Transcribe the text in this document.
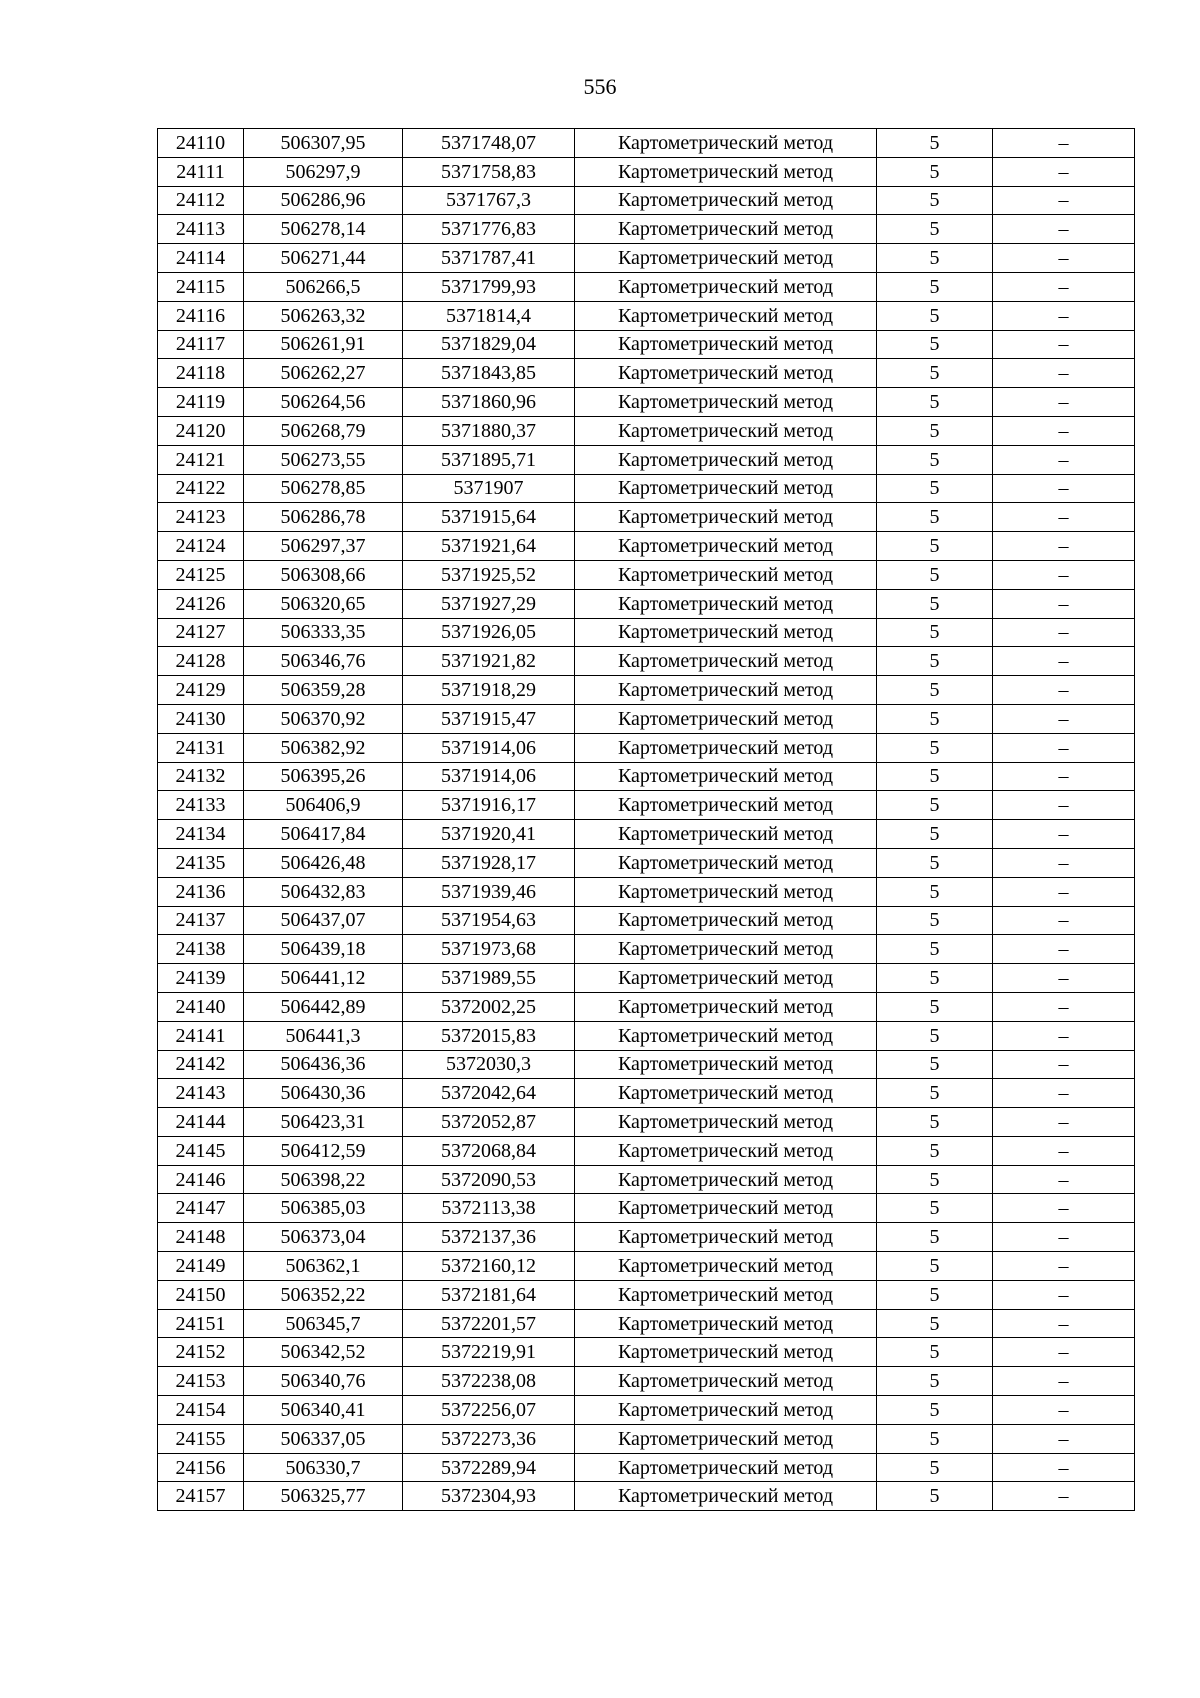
556
24110	506307,95	5371748,07	Картометрический метод	5	–
24111	506297,9	5371758,83	Картометрический метод	5	–
24112	506286,96	5371767,3	Картометрический метод	5	–
24113	506278,14	5371776,83	Картометрический метод	5	–
24114	506271,44	5371787,41	Картометрический метод	5	–
24115	506266,5	5371799,93	Картометрический метод	5	–
24116	506263,32	5371814,4	Картометрический метод	5	–
24117	506261,91	5371829,04	Картометрический метод	5	–
24118	506262,27	5371843,85	Картометрический метод	5	–
24119	506264,56	5371860,96	Картометрический метод	5	–
24120	506268,79	5371880,37	Картометрический метод	5	–
24121	506273,55	5371895,71	Картометрический метод	5	–
24122	506278,85	5371907	Картометрический метод	5	–
24123	506286,78	5371915,64	Картометрический метод	5	–
24124	506297,37	5371921,64	Картометрический метод	5	–
24125	506308,66	5371925,52	Картометрический метод	5	–
24126	506320,65	5371927,29	Картометрический метод	5	–
24127	506333,35	5371926,05	Картометрический метод	5	–
24128	506346,76	5371921,82	Картометрический метод	5	–
24129	506359,28	5371918,29	Картометрический метод	5	–
24130	506370,92	5371915,47	Картометрический метод	5	–
24131	506382,92	5371914,06	Картометрический метод	5	–
24132	506395,26	5371914,06	Картометрический метод	5	–
24133	506406,9	5371916,17	Картометрический метод	5	–
24134	506417,84	5371920,41	Картометрический метод	5	–
24135	506426,48	5371928,17	Картометрический метод	5	–
24136	506432,83	5371939,46	Картометрический метод	5	–
24137	506437,07	5371954,63	Картометрический метод	5	–
24138	506439,18	5371973,68	Картометрический метод	5	–
24139	506441,12	5371989,55	Картометрический метод	5	–
24140	506442,89	5372002,25	Картометрический метод	5	–
24141	506441,3	5372015,83	Картометрический метод	5	–
24142	506436,36	5372030,3	Картометрический метод	5	–
24143	506430,36	5372042,64	Картометрический метод	5	–
24144	506423,31	5372052,87	Картометрический метод	5	–
24145	506412,59	5372068,84	Картометрический метод	5	–
24146	506398,22	5372090,53	Картометрический метод	5	–
24147	506385,03	5372113,38	Картометрический метод	5	–
24148	506373,04	5372137,36	Картометрический метод	5	–
24149	506362,1	5372160,12	Картометрический метод	5	–
24150	506352,22	5372181,64	Картометрический метод	5	–
24151	506345,7	5372201,57	Картометрический метод	5	–
24152	506342,52	5372219,91	Картометрический метод	5	–
24153	506340,76	5372238,08	Картометрический метод	5	–
24154	506340,41	5372256,07	Картометрический метод	5	–
24155	506337,05	5372273,36	Картометрический метод	5	–
24156	506330,7	5372289,94	Картометрический метод	5	–
24157	506325,77	5372304,93	Картометрический метод	5	–
